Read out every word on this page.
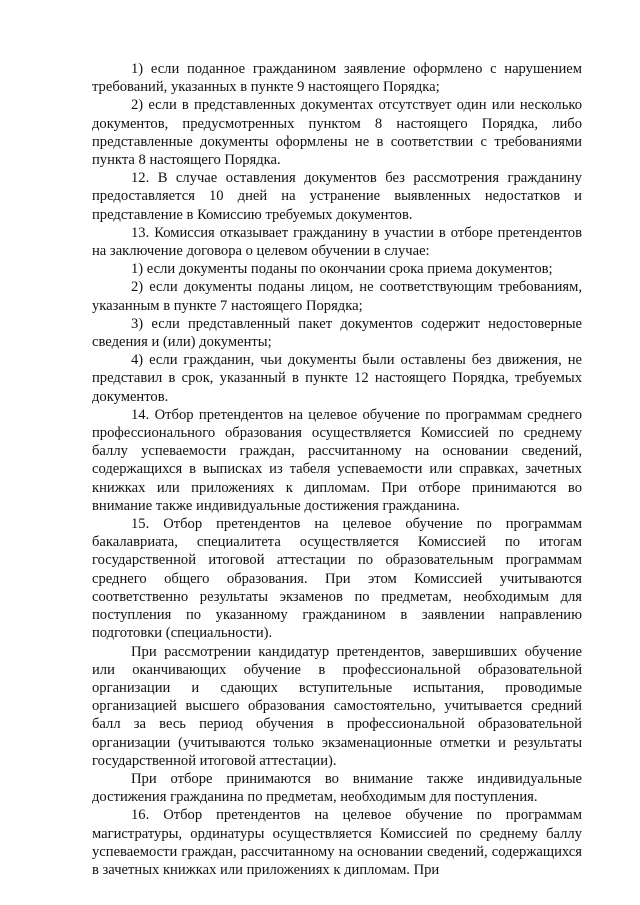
1) если поданное гражданином заявление оформлено с нарушением требований, указанных в пункте 9 настоящего Порядка;

2) если в представленных документах отсутствует один или несколько документов, предусмотренных пунктом 8 настоящего Порядка, либо представленные документы оформлены не в соответствии с требованиями пункта 8 настоящего Порядка.

12. В случае оставления документов без рассмотрения гражданину предоставляется 10 дней на устранение выявленных недостатков и представление в Комиссию требуемых документов.

13. Комиссия отказывает гражданину в участии в отборе претендентов на заключение договора о целевом обучении в случае:

1) если документы поданы по окончании срока приема документов;

2) если документы поданы лицом, не соответствующим требованиям, указанным в пункте 7 настоящего Порядка;

3) если представленный пакет документов содержит недостоверные сведения и (или) документы;

4) если гражданин, чьи документы были оставлены без движения, не представил в срок, указанный в пункте 12 настоящего Порядка, требуемых документов.

14. Отбор претендентов на целевое обучение по программам среднего профессионального образования осуществляется Комиссией по среднему баллу успеваемости граждан, рассчитанному на основании сведений, содержащихся в выписках из табеля успеваемости или справках, зачетных книжках или приложениях к дипломам. При отборе принимаются во внимание также индивидуальные достижения гражданина.

15. Отбор претендентов на целевое обучение по программам бакалавриата, специалитета осуществляется Комиссией по итогам государственной итоговой аттестации по образовательным программам среднего общего образования. При этом Комиссией учитываются соответственно результаты экзаменов по предметам, необходимым для поступления по указанному гражданином в заявлении направлению подготовки (специальности).

При рассмотрении кандидатур претендентов, завершивших обучение или оканчивающих обучение в профессиональной образовательной организации и сдающих вступительные испытания, проводимые организацией высшего образования самостоятельно, учитывается средний балл за весь период обучения в профессиональной образовательной организации (учитываются только экзаменационные отметки и результаты государственной итоговой аттестации).

При отборе принимаются во внимание также индивидуальные достижения гражданина по предметам, необходимым для поступления.

16. Отбор претендентов на целевое обучение по программам магистратуры, ординатуры осуществляется Комиссией по среднему баллу успеваемости граждан, рассчитанному на основании сведений, содержащихся в зачетных книжках или приложениях к дипломам. При
